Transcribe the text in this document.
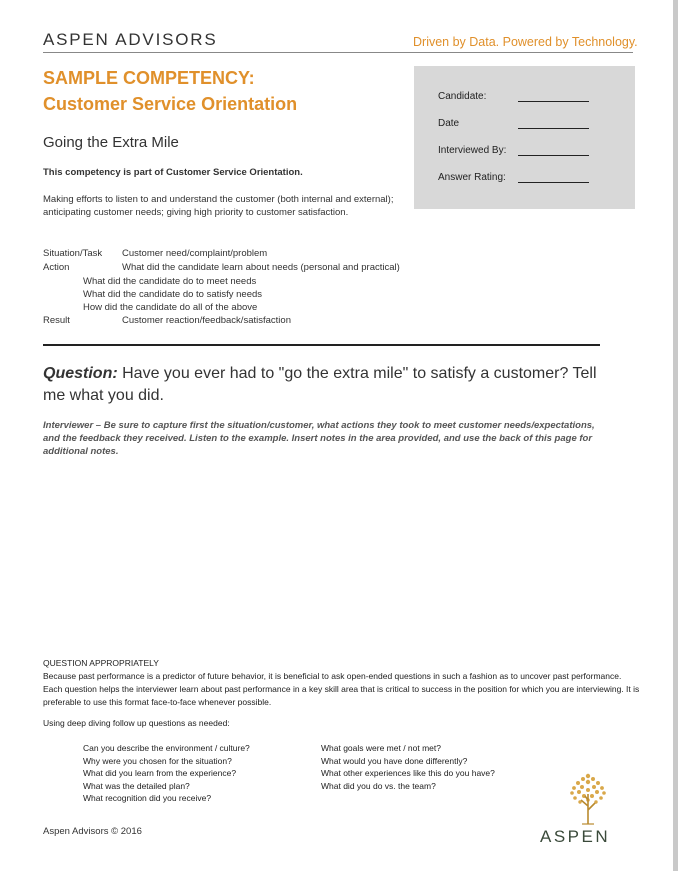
ASPEN ADVISORS	Driven by Data. Powered by Technology.
SAMPLE COMPETENCY:
Customer Service Orientation
Going the Extra Mile
Candidate:
Date
Interviewed By:
Answer Rating:
This competency is part of Customer Service Orientation.
Making efforts to listen to and understand the customer (both internal and external); anticipating customer needs; giving high priority to customer satisfaction.
Situation/Task Customer need/complaint/problem
Action	What did the candidate learn about needs (personal and practical)
What did the candidate do to meet needs
What did the candidate do to satisfy needs
How did the candidate do all of the above
Result	Customer reaction/feedback/satisfaction
Question: Have you ever had to "go the extra mile" to satisfy a customer? Tell me what you did.
Interviewer – Be sure to capture first the situation/customer, what actions they took to meet customer needs/expectations, and the feedback they received. Listen to the example. Insert notes in the area provided, and use the back of this page for additional notes.
QUESTION APPROPRIATELY
Because past performance is a predictor of future behavior, it is beneficial to ask open-ended questions in such a fashion as to uncover past performance. Each question helps the interviewer learn about past performance in a key skill area that is critical to success in the position for which you are interviewing. It is preferable to use this format face-to-face whenever possible.
Using deep diving follow up questions as needed:
Can you describe the environment / culture?
Why were you chosen for the situation?
What did you learn from the experience?
What was the detailed plan?
What recognition did you receive?
What goals were met / not met?
What would you have done differently?
What other experiences like this do you have?
What did you do vs. the team?
Aspen Advisors © 2016	ASPEN
